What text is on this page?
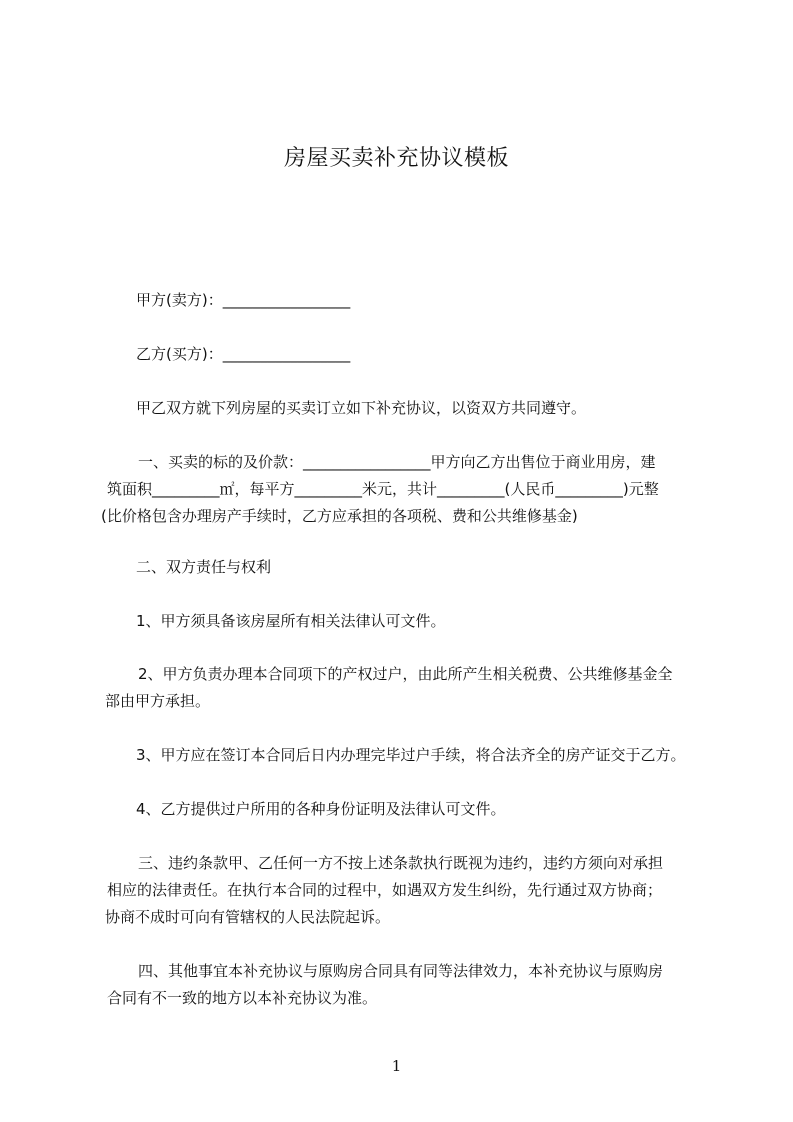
房屋买卖补充协议模板
甲方(卖方)：_________________
乙方(买方)：_________________
甲乙双方就下列房屋的买卖订立如下补充协议，以资双方共同遵守。
一、买卖的标的及价款：_________________甲方向乙方出售位于商业用房，建
筑面积_________㎡，每平方_________米元，共计_________(人民币_________)元整
(比价格包含办理房产手续时，乙方应承担的各项税、费和公共维修基金)
二、双方责任与权利
1、甲方须具备该房屋所有相关法律认可文件。
2、甲方负责办理本合同项下的产权过户，由此所产生相关税费、公共维修基金全
部由甲方承担。
3、甲方应在签订本合同后日内办理完毕过户手续，将合法齐全的房产证交于乙方。
4、乙方提供过户所用的各种身份证明及法律认可文件。
三、违约条款甲、乙任何一方不按上述条款执行既视为违约，违约方须向对承担
相应的法律责任。在执行本合同的过程中，如遇双方发生纠纷，先行通过双方协商；
协商不成时可向有管辖权的人民法院起诉。
四、其他事宜本补充协议与原购房合同具有同等法律效力，本补充协议与原购房
合同有不一致的地方以本补充协议为准。
1
